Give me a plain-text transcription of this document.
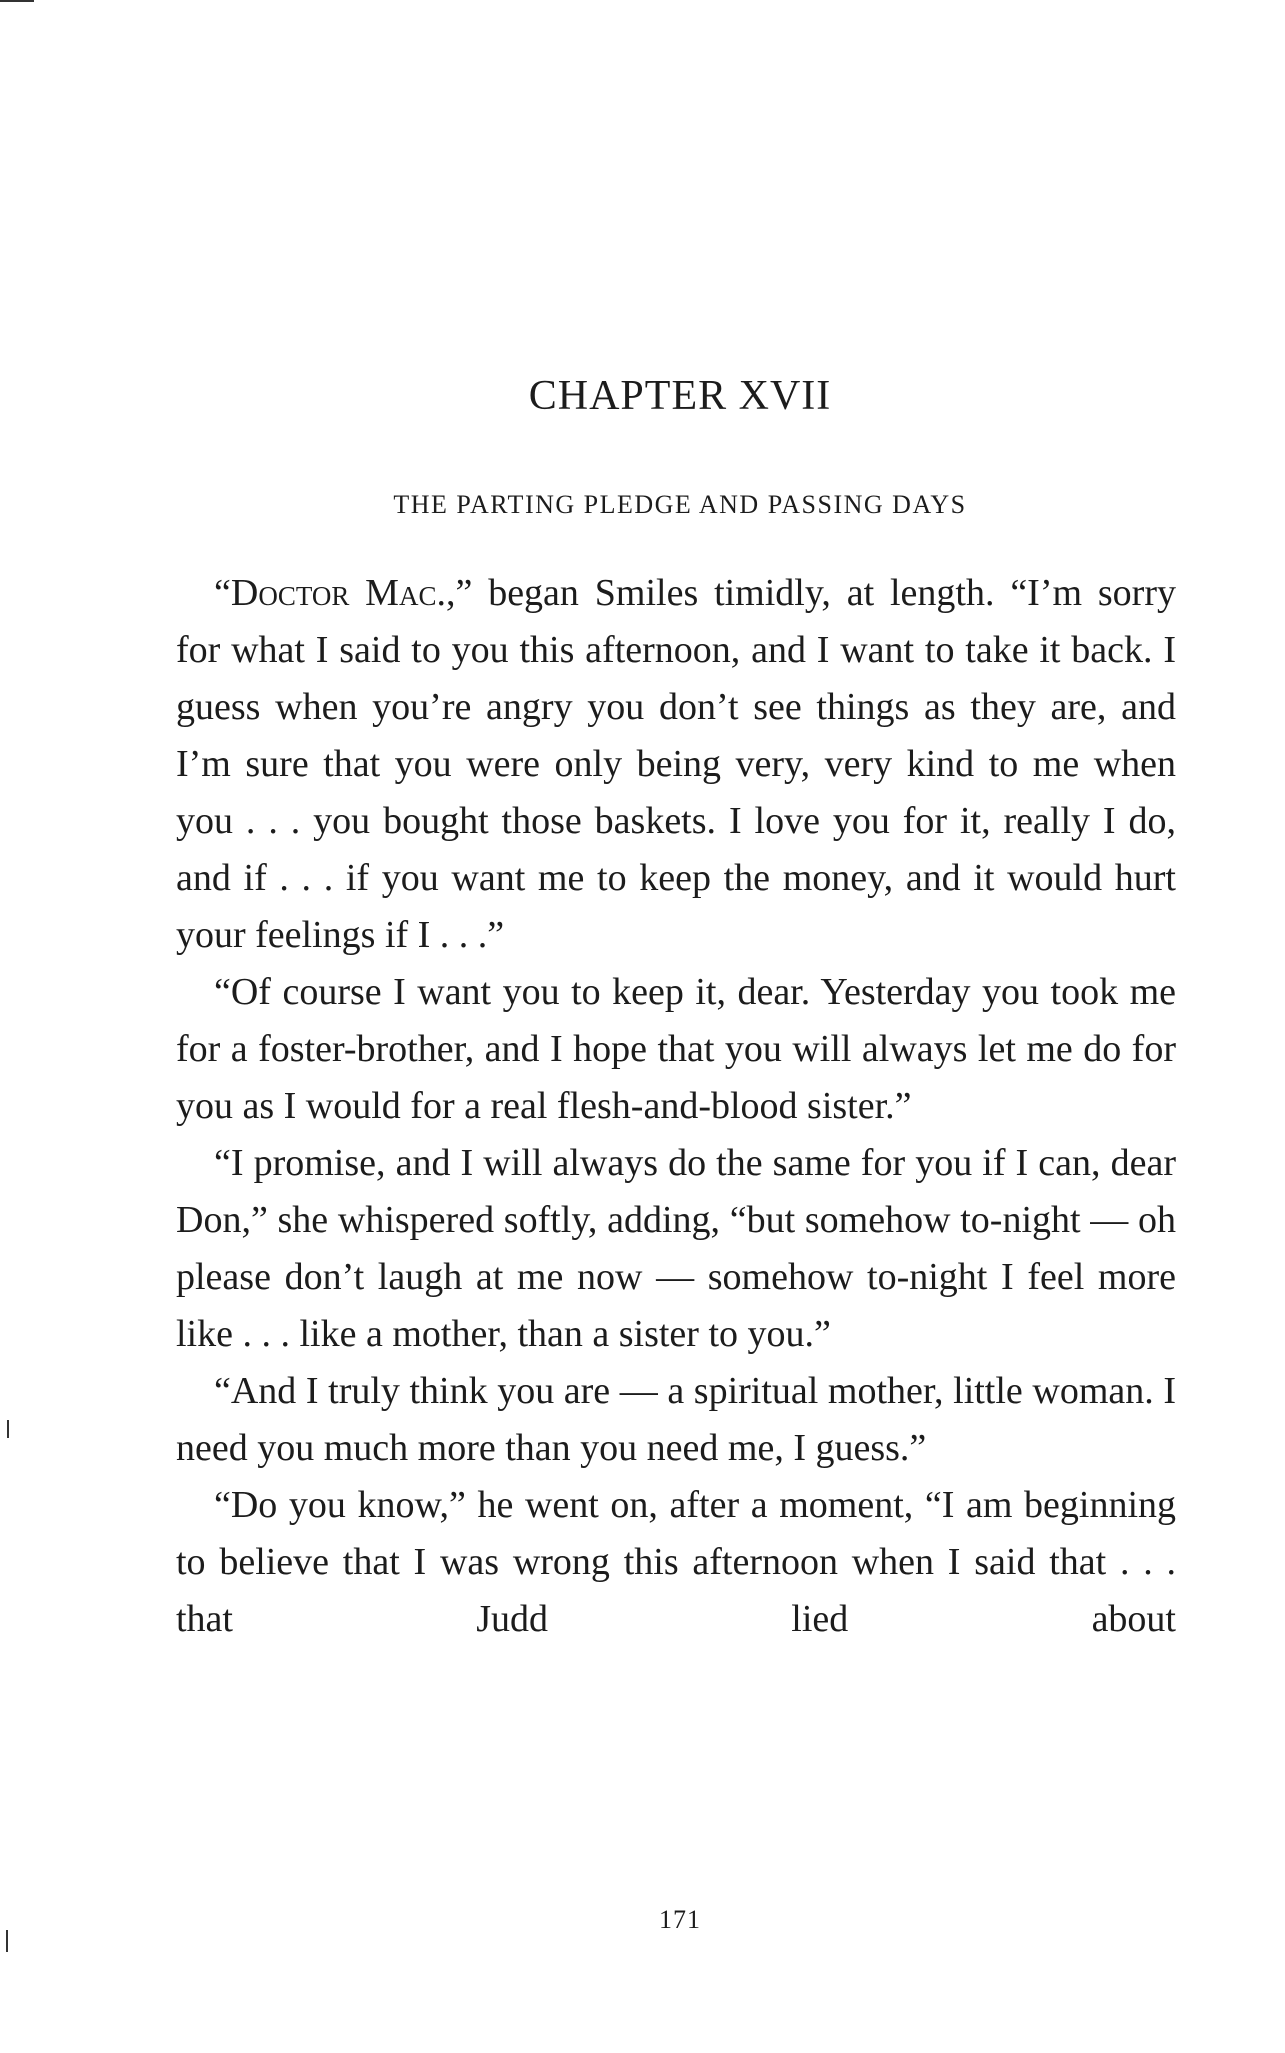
CHAPTER XVII
THE PARTING PLEDGE AND PASSING DAYS

“Doctor Mac.,” began Smiles timidly, at length. “I’m sorry for what I said to you this afternoon, and I want to take it back. I guess when you’re angry you don’t see things as they are, and I’m sure that you were only being very, very kind to me when you . . . you bought those baskets. I love you for it, really I do, and if . . . if you want me to keep the money, and it would hurt your feelings if I . . .”

“Of course I want you to keep it, dear. Yesterday you took me for a foster-brother, and I hope that you will always let me do for you as I would for a real flesh-and-blood sister.”

“I promise, and I will always do the same for you if I can, dear Don,” she whispered softly, adding, “but somehow to-night — oh please don’t laugh at me now — somehow to-night I feel more like . . . like a mother, than a sister to you.”

“And I truly think you are — a spiritual mother, little woman. I need you much more than you need me, I guess.”

“Do you know,” he went on, after a moment, “I am beginning to believe that I was wrong this afternoon when I said that . . . that Judd lied about

171
